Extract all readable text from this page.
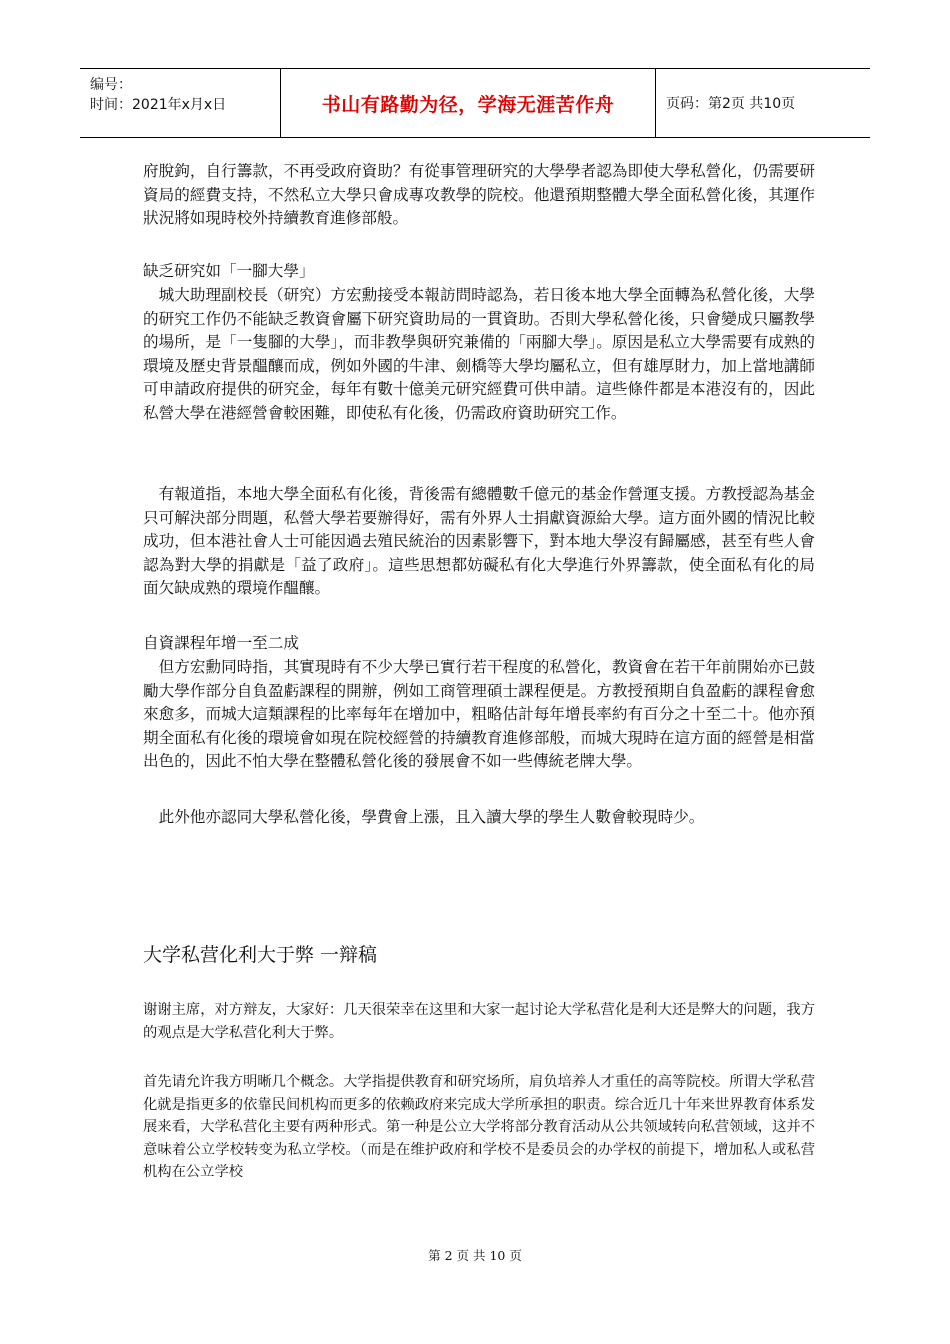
编号：
时间：2021年x月x日	书山有路勤为径，学海无涯苦作舟	页码：第2页 共10页

府脫鉤，自行籌款，不再受政府資助？有從事管理研究的大學學者認為即使大學私營化，仍需要研資局的經費支持，不然私立大學只會成專攻教學的院校。他還預期整體大學全面私營化後，其運作狀況將如現時校外持續教育進修部般。

缺乏研究如「一腳大學」

　城大助理副校長（研究）方宏勳接受本報訪問時認為，若日後本地大學全面轉為私營化後，大學的研究工作仍不能缺乏教資會屬下研究資助局的一貫資助。否則大學私營化後，只會變成只屬教學的場所，是「一隻腳的大學」，而非教學與研究兼備的「兩腳大學」。原因是私立大學需要有成熟的環境及歷史背景醞釀而成，例如外國的牛津、劍橋等大學均屬私立，但有雄厚財力，加上當地講師可申請政府提供的研究金，每年有數十億美元研究經費可供申請。這些條件都是本港沒有的，因此私營大學在港經營會較困難，即使私有化後，仍需政府資助研究工作。

　有報道指，本地大學全面私有化後，背後需有總體數千億元的基金作營運支援。方教授認為基金只可解決部分問題，私營大學若要辦得好，需有外界人士捐獻資源給大學。這方面外國的情況比較成功，但本港社會人士可能因過去殖民統治的因素影響下，對本地大學沒有歸屬感，甚至有些人會認為對大學的捐獻是「益了政府」。這些思想都妨礙私有化大學進行外界籌款，使全面私有化的局面欠缺成熟的環境作醞釀。

自資課程年增一至二成

　但方宏勳同時指，其實現時有不少大學已實行若干程度的私營化，教資會在若干年前開始亦已鼓勵大學作部分自負盈虧課程的開辦，例如工商管理碩士課程便是。方教授預期自負盈虧的課程會愈來愈多，而城大這類課程的比率每年在增加中，粗略估計每年增長率約有百分之十至二十。他亦預期全面私有化後的環境會如現在院校經營的持續教育進修部般，而城大現時在這方面的經營是相當出色的，因此不怕大學在整體私營化後的發展會不如一些傳統老牌大學。

　此外他亦認同大學私營化後，學費會上漲，且入讀大學的學生人數會較現時少。

大学私营化利大于弊 一辩稿

谢谢主席，对方辩友，大家好：几天很荣幸在这里和大家一起讨论大学私营化是利大还是弊大的问题，我方的观点是大学私营化利大于弊。

首先请允许我方明晰几个概念。大学指提供教育和研究场所，肩负培养人才重任的高等院校。所谓大学私营化就是指更多的依靠民间机构而更多的依赖政府来完成大学所承担的职责。综合近几十年来世界教育体系发展来看，大学私营化主要有两种形式。第一种是公立大学将部分教育活动从公共领域转向私营领域，这并不意味着公立学校转变为私立学校。（而是在维护政府和学校不是委员会的办学权的前提下，增加私人或私营机构在公立学校

第 2 页 共 10 页
